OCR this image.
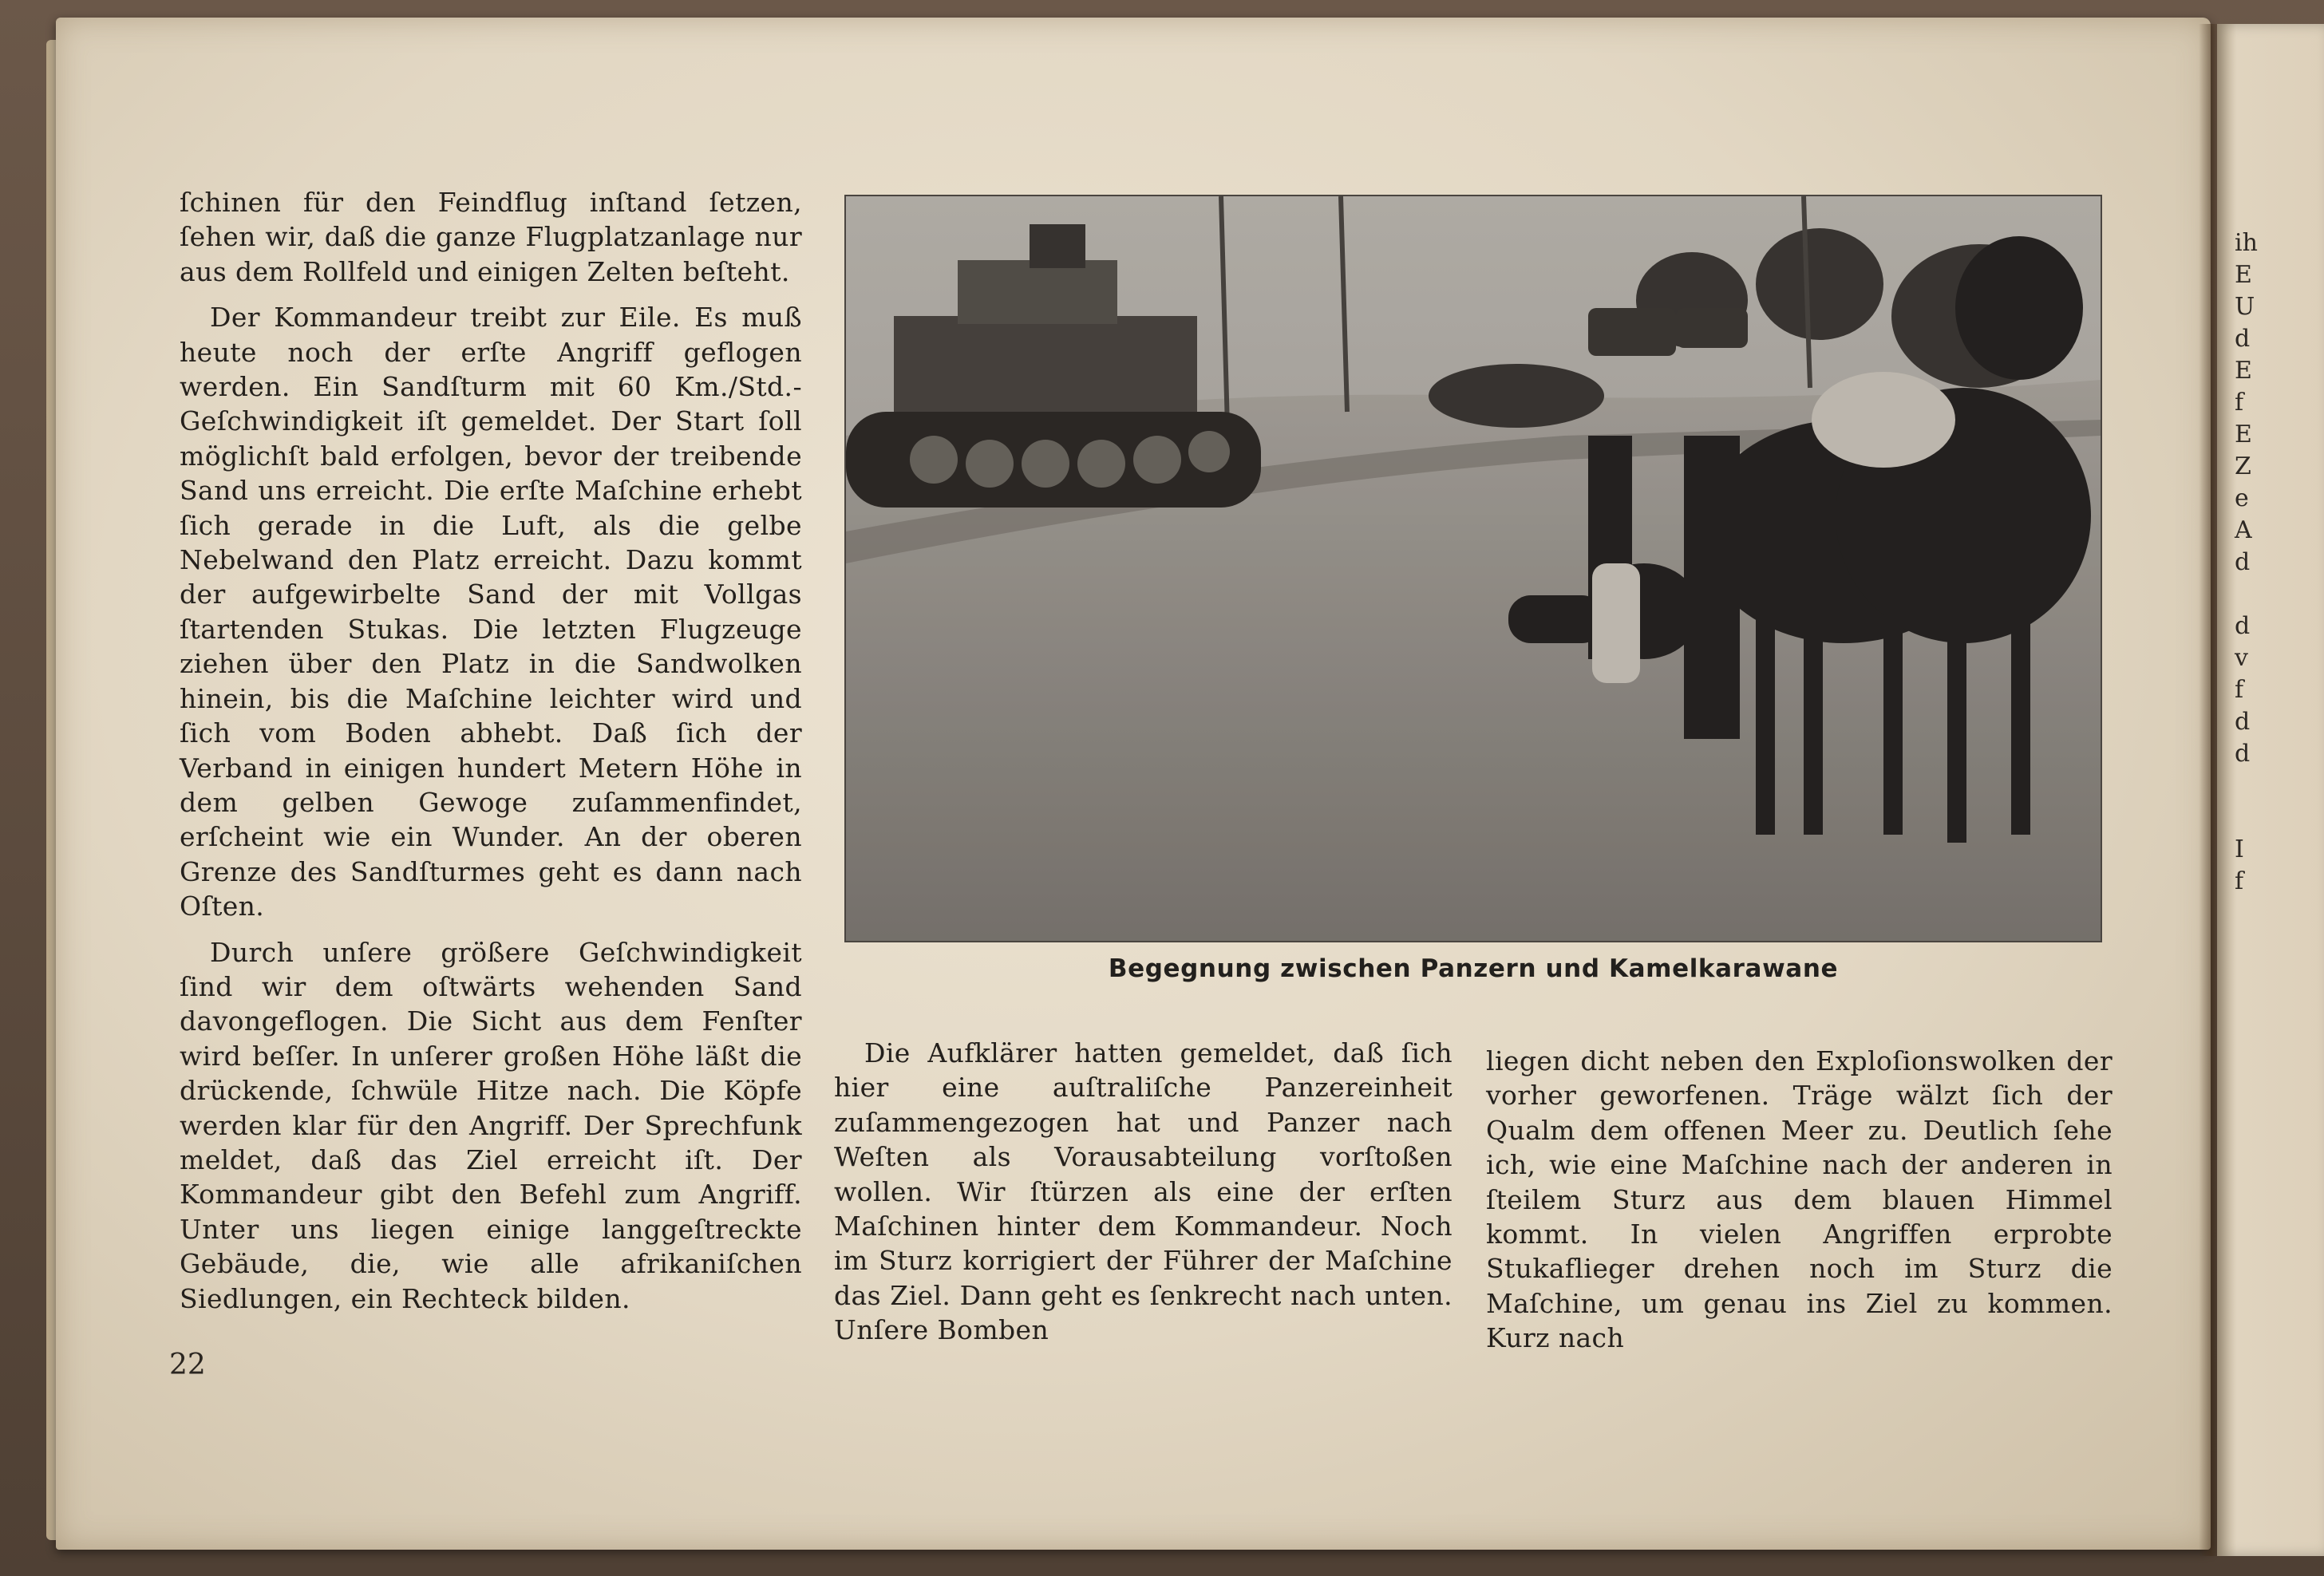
ih
E
U
d
E
f
E
Z
e
A
d
d
v
f
d
d
I
f

ſchinen für den Feindflug inſtand ſetzen, ſehen wir, daß die ganze Flugplatzanlage nur aus dem Rollfeld und einigen Zelten beſteht.

Der Kommandeur treibt zur Eile. Es muß heute noch der erſte Angriff geflogen werden. Ein Sandſturm mit 60 Km./Std.-Geſchwindigkeit iſt gemeldet. Der Start ſoll möglichſt bald erfolgen, bevor der treibende Sand uns erreicht. Die erſte Maſchine erhebt ſich gerade in die Luft, als die gelbe Nebelwand den Platz erreicht. Dazu kommt der aufgewirbelte Sand der mit Vollgas ſtartenden Stukas. Die letzten Flugzeuge ziehen über den Platz in die Sandwolken hinein, bis die Maſchine leichter wird und ſich vom Boden abhebt. Daß ſich der Verband in einigen hundert Metern Höhe in dem gelben Gewoge zuſammenfindet, erſcheint wie ein Wunder. An der oberen Grenze des Sandſturmes geht es dann nach Oſten.

Durch unſere größere Geſchwindigkeit ſind wir dem oſtwärts wehenden Sand davongeflogen. Die Sicht aus dem Fenſter wird beſſer. In unſerer großen Höhe läßt die drückende, ſchwüle Hitze nach. Die Köpfe werden klar für den Angriff. Der Sprechfunk meldet, daß das Ziel erreicht iſt. Der Kommandeur gibt den Befehl zum Angriff. Unter uns liegen einige langgeſtreckte Gebäude, die, wie alle afrikaniſchen Siedlungen, ein Rechteck bilden.

Begegnung zwischen Panzern und Kamelkarawane

Die Aufklärer hatten gemeldet, daß ſich hier eine auſtraliſche Panzereinheit zuſammengezogen hat und Panzer nach Weſten als Vorausabteilung vorſtoßen wollen. Wir ſtürzen als eine der erſten Maſchinen hinter dem Kommandeur. Noch im Sturz korrigiert der Führer der Maſchine das Ziel. Dann geht es ſenkrecht nach unten. Unſere Bomben

liegen dicht neben den Exploſionswolken der vorher geworfenen. Träge wälzt ſich der Qualm dem offenen Meer zu. Deutlich ſehe ich, wie eine Maſchine nach der anderen in ſteilem Sturz aus dem blauen Himmel kommt. In vielen Angriffen erprobte Stukaflieger drehen noch im Sturz die Maſchine, um genau ins Ziel zu kommen. Kurz nach

22
